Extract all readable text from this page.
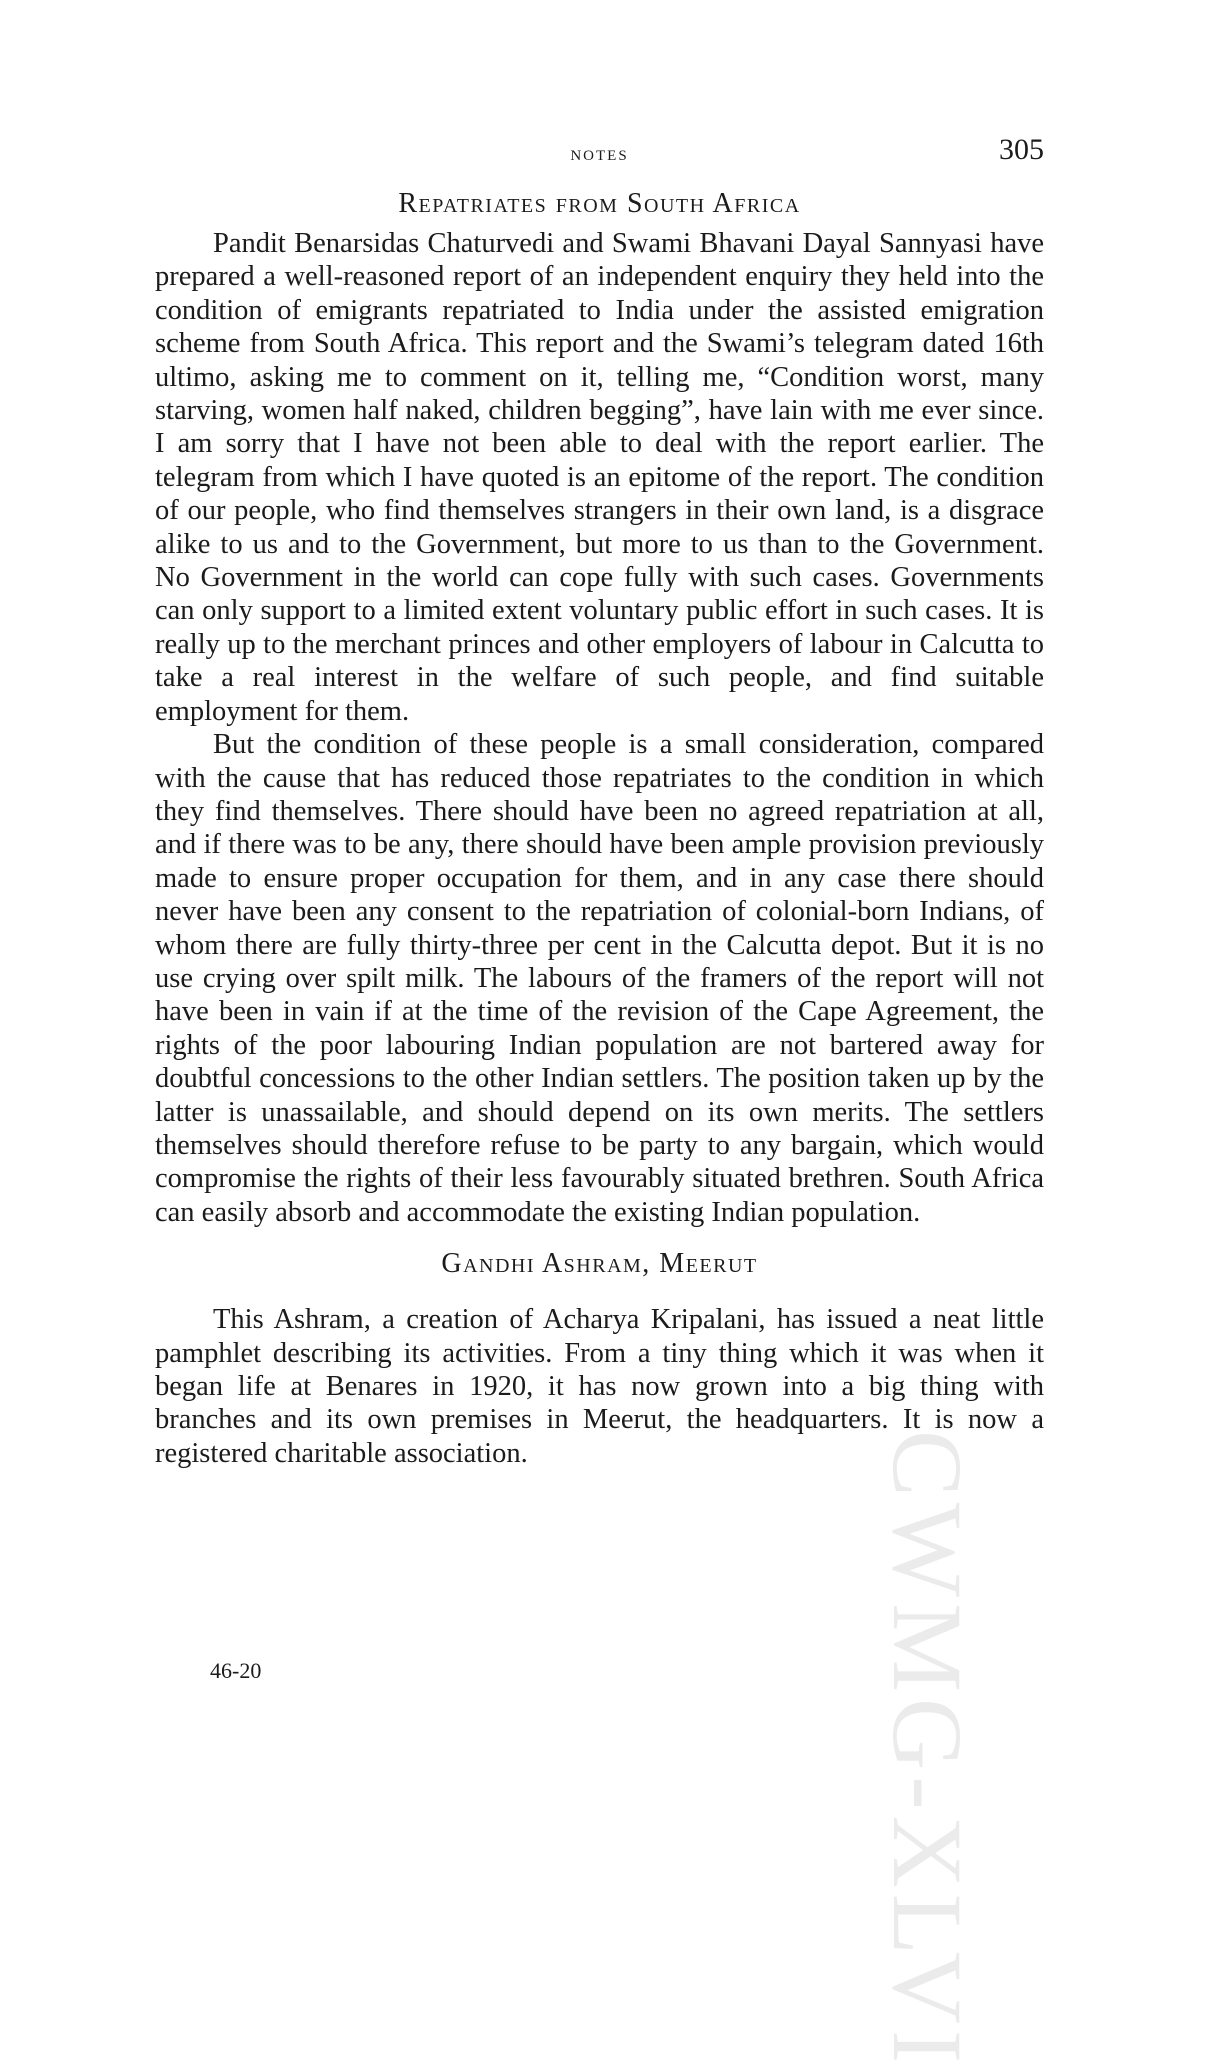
CWMG-XLVI
notes	305
Repatriates from South Africa

Pandit Benarsidas Chaturvedi and Swami Bhavani Dayal Sannyasi have prepared a well-reasoned report of an independent enquiry they held into the condition of emigrants repatriated to India under the assisted emigration scheme from South Africa. This report and the Swami’s telegram dated 16th ultimo, asking me to comment on it, telling me, “Condition worst, many starving, women half naked, children begging”, have lain with me ever since. I am sorry that I have not been able to deal with the report earlier. The telegram from which I have quoted is an epitome of the report. The condition of our people, who find themselves strangers in their own land, is a disgrace alike to us and to the Government, but more to us than to the Government. No Government in the world can cope fully with such cases. Governments can only support to a limited extent voluntary public effort in such cases. It is really up to the merchant princes and other employers of labour in Calcutta to take a real interest in the welfare of such people, and find suitable employment for them.

But the condition of these people is a small consideration, compared with the cause that has reduced those repatriates to the condition in which they find themselves. There should have been no agreed repatriation at all, and if there was to be any, there should have been ample provision previously made to ensure proper occupation for them, and in any case there should never have been any consent to the repatriation of colonial-born Indians, of whom there are fully thirty-three per cent in the Calcutta depot. But it is no use crying over spilt milk. The labours of the framers of the report will not have been in vain if at the time of the revision of the Cape Agreement, the rights of the poor labouring Indian population are not bartered away for doubtful concessions to the other Indian settlers. The position taken up by the latter is unassailable, and should depend on its own merits. The settlers themselves should therefore refuse to be party to any bargain, which would compromise the rights of their less favourably situated brethren. South Africa can easily absorb and accommodate the existing Indian population.

Gandhi Ashram, Meerut

This Ashram, a creation of Acharya Kripalani, has issued a neat little pamphlet describing its activities. From a tiny thing which it was when it began life at Benares in 1920, it has now grown into a big thing with branches and its own premises in Meerut, the headquarters. It is now a registered charitable association.

46-20
